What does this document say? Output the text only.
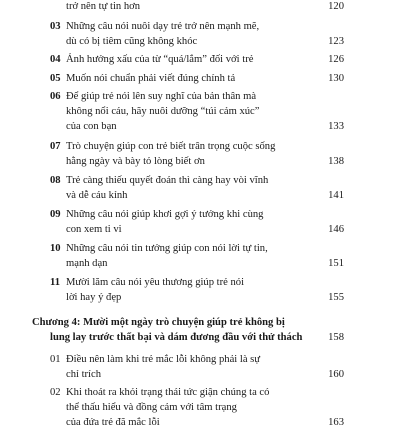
trở nên tự tin hơn	120
03 Những câu nói nuôi dạy trẻ trở nên mạnh mẽ,
dù có bị tiêm cũng không khóc	123
04 Ảnh hưởng xấu của từ “quá/lắm” đối với trẻ	126
05 Muốn nói chuẩn phải viết đúng chính tả	130
06 Để giúp trẻ nói lên suy nghĩ của bản thân mà
không nổi cáu, hãy nuôi dưỡng “túi cảm xúc”
của con bạn	133
07 Trò chuyện giúp con trẻ biết trân trọng cuộc sống
hằng ngày và bày tỏ lòng biết ơn	138
08 Trẻ càng thiếu quyết đoán thì càng hay vòi vĩnh
và dễ cáu kỉnh	141
09 Những câu nói giúp khơi gợi ý tưởng khi cùng
con xem ti vi	146
10 Những câu nói tin tưởng giúp con nói lời tự tin,
mạnh dạn	151
11 Mười lăm câu nói yêu thương giúp trẻ nói
lời hay ý đẹp	155
Chương 4: Mười một ngày trò chuyện giúp trẻ không bị
lung lay trước thất bại và dám đương đầu với thử thách	158
01 Điều nên làm khi trẻ mắc lỗi không phải là sự
chỉ trích	160
02 Khi thoát ra khỏi trạng thái tức giận chúng ta có
thể thấu hiểu và đồng cảm với tâm trạng
của đứa trẻ đã mắc lỗi	163
